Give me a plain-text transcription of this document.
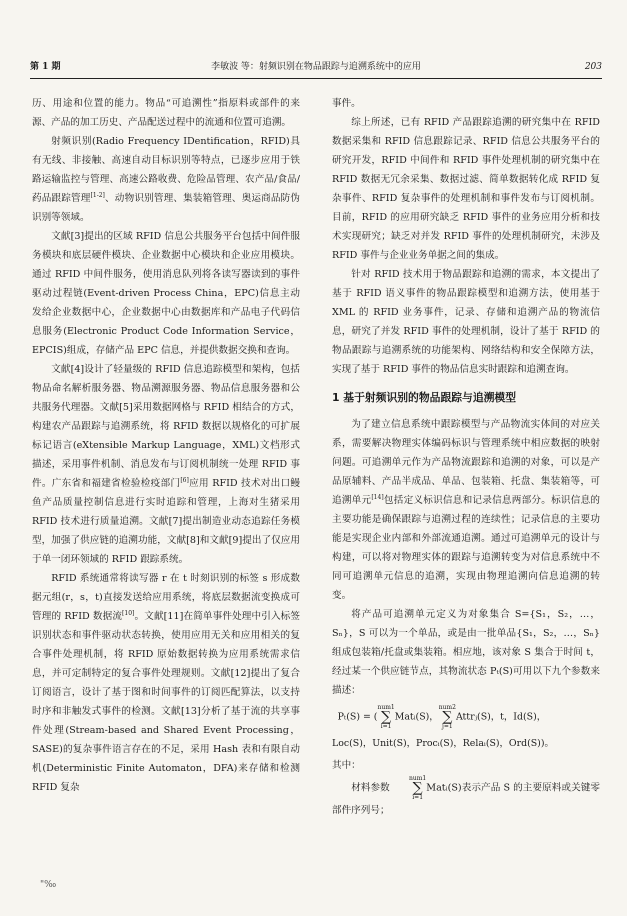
第 1 期	李敏波 等：射频识别在物品跟踪与追溯系统中的应用	203

历、用途和位置的能力。物品“可追溯性”指原料或部件的来源、产品的加工历史、产品配送过程中的流通和位置可追溯。

射频识别(Radio Frequency IDentification，RFID)具有无线、非接触、高速自动目标识别等特点，已逐步应用于铁路运输监控与管理、高速公路收费、危险品管理、农产品/食品/药品跟踪管理[1-2]、动物识别管理、集装箱管理、奥运商品防伪识别等领域。

文献[3]提出的区域 RFID 信息公共服务平台包括中间件服务模块和底层硬件模块、企业数据中心模块和企业应用模块。通过 RFID 中间件服务，使用消息队列将各读写器读到的事件驱动过程链(Event-driven Process China，EPC)信息主动发给企业数据中心，企业数据中心由数据库和产品电子代码信息服务(Electronic Product Code Information Service，EPCIS)组成，存储产品 EPC 信息，并提供数据交换和查询。

文献[4]设计了轻量级的 RFID 信息追踪模型和架构，包括物品命名解析服务器、物品溯源服务器、物品信息服务器和公共服务代理器。文献[5]采用数据网格与 RFID 相结合的方式，构建农产品跟踪与追溯系统，将 RFID 数据以规格化的可扩展标记语言(eXtensible Markup Language，XML)文档形式描述，采用事件机制、消息发布与订阅机制统一处理 RFID 事件。广东省和福建省检验检疫部门[6]应用 RFID 技术对出口鳗鱼产品质量控制信息进行实时追踪和管理，上海对生猪采用 RFID 技术进行质量追溯。文献[7]提出制造业动态追踪任务模型，加强了供应链的追溯功能，文献[8]和文献[9]提出了仅应用于单一闭环领域的 RFID 跟踪系统。

RFID 系统通常将读写器 r 在 t 时刻识别的标签 s 形成数据元组(r，s，t)直接发送给应用系统，将底层数据流变换成可管理的 RFID 数据流[10]。文献[11]在简单事件处理中引入标签识别状态和事件驱动状态转换，使用应用无关和应用相关的复合事件处理机制，将 RFID 原始数据转换为应用系统需求信息，并可定制特定的复合事件处理规则。文献[12]提出了复合订阅语言，设计了基于图和时间事件的订阅匹配算法，以支持时序和非触发式事件的检测。文献[13]分析了基于流的共享事件处理(Stream-based and Shared Event Processing，SASE)的复杂事件语言存在的不足，采用 Hash 表和有限自动机(Deterministic Finite Automaton，DFA)来存储和检测 RFID 复杂

事件。

综上所述，已有 RFID 产品跟踪追溯的研究集中在 RFID 数据采集和 RFID 信息跟踪记录、RFID 信息公共服务平台的研究开发，RFID 中间件和 RFID 事件处理机制的研究集中在 RFID 数据无冗余采集、数据过滤、简单数据转化成 RFID 复杂事件、RFID 复杂事件的处理机制和事件发布与订阅机制。目前，RFID 的应用研究缺乏 RFID 事件的业务应用分析和技术实现研究；缺乏对并发 RFID 事件的处理机制研究，未涉及 RFID 事件与企业业务单据之间的集成。

针对 RFID 技术用于物品跟踪和追溯的需求，本文提出了基于 RFID 语义事件的物品跟踪模型和追溯方法，使用基于 XML 的 RFID 业务事件，记录、存储和追溯产品的物流信息，研究了并发 RFID 事件的处理机制，设计了基于 RFID 的物品跟踪与追溯系统的功能架构、网络结构和安全保障方法，实现了基于 RFID 事件的物品信息实时跟踪和追溯查询。

1 基于射频识别的物品跟踪与追溯模型

为了建立信息系统中跟踪模型与产品物流实体间的对应关系，需要解决物理实体编码标识与管理系统中相应数据的映射问题。可追溯单元作为产品物流跟踪和追溯的对象，可以是产品原辅料、产品半成品、单品、包装箱、托盘、集装箱等，可追溯单元[14]包括定义标识信息和记录信息两部分。标识信息的主要功能是确保跟踪与追溯过程的连续性；记录信息的主要功能是实现企业内部和外部流通追溯。通过可追溯单元的设计与构建，可以将对物理实体的跟踪与追溯转变为对信息系统中不同可追溯单元信息的追溯，实现由物理追溯向信息追溯的转变。

将产品可追溯单元定义为对象集合 S={S₁，S₂，…，Sₙ}，S 可以为一个单品，或是由一批单品{S₁，S₂，…，Sₙ}组成包装箱/托盘或集装箱。相应地，该对象 S 集合于时间 t，经过某一个供应链节点，其物流状态 Pₜ(S)可用以下九个参数来描述：

Pₜ(S) = (
num1
∑
i=1
Matᵢ(S)，
num2
∑
j=1
Attrⱼ(S)，t，Id(S)，
Loc(S)，Unit(S)，Procᵢ(S)，Relaᵢ(S)，Ord(S))。

其中：

材料参数
num1
∑
i=1
Matᵢ(S)表示产品 S 的主要原料或关键零部件序列号；

"‰
